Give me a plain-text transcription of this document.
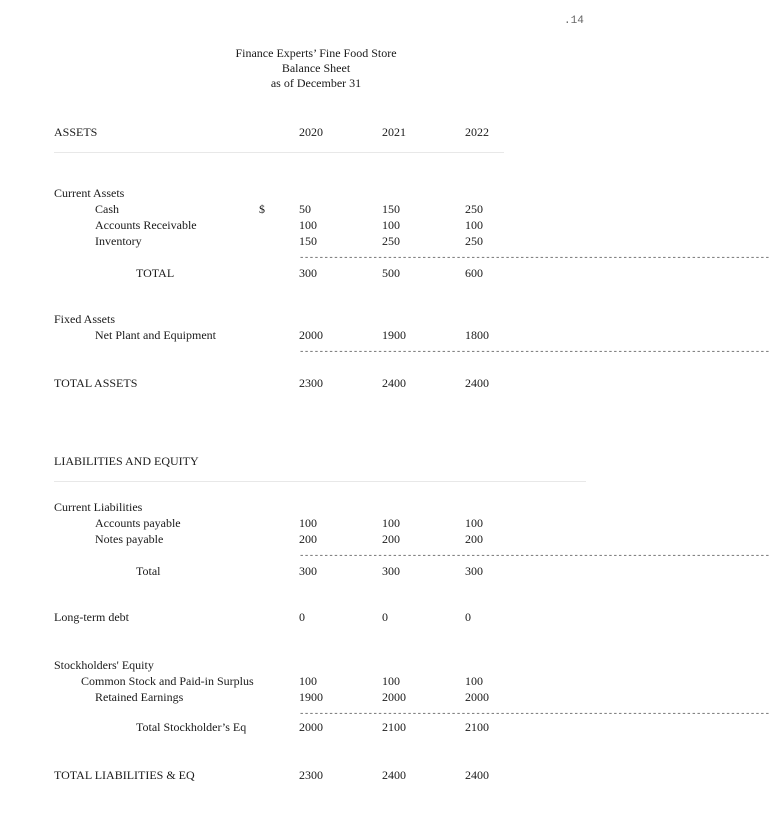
.14
Finance Experts’ Fine Food Store
Balance Sheet
as of December 31
ASSETS	2020	2021	2022
Current Assets
Cash	$	50	150	250
Accounts Receivable	100	100	100
Inventory	150	250	250
------------------------------------------------------------------------------------------------
TOTAL	300	500	600
Fixed Assets
Net Plant and Equipment	2000	1900	1800
------------------------------------------------------------------------------------------------
TOTAL ASSETS	2300	2400	2400
LIABILITIES AND EQUITY
Current Liabilities
Accounts payable	100	100	100
Notes payable	200	200	200
------------------------------------------------------------------------------------------------
Total	300	300	300
Long-term debt	0	0	0
Stockholders' Equity
Common Stock and Paid-in Surplus	100	100	100
Retained Earnings	1900	2000	2000
------------------------------------------------------------------------------------------------
Total Stockholder’s Eq	2000	2100	2100
TOTAL LIABILITIES & EQ	2300	2400	2400
